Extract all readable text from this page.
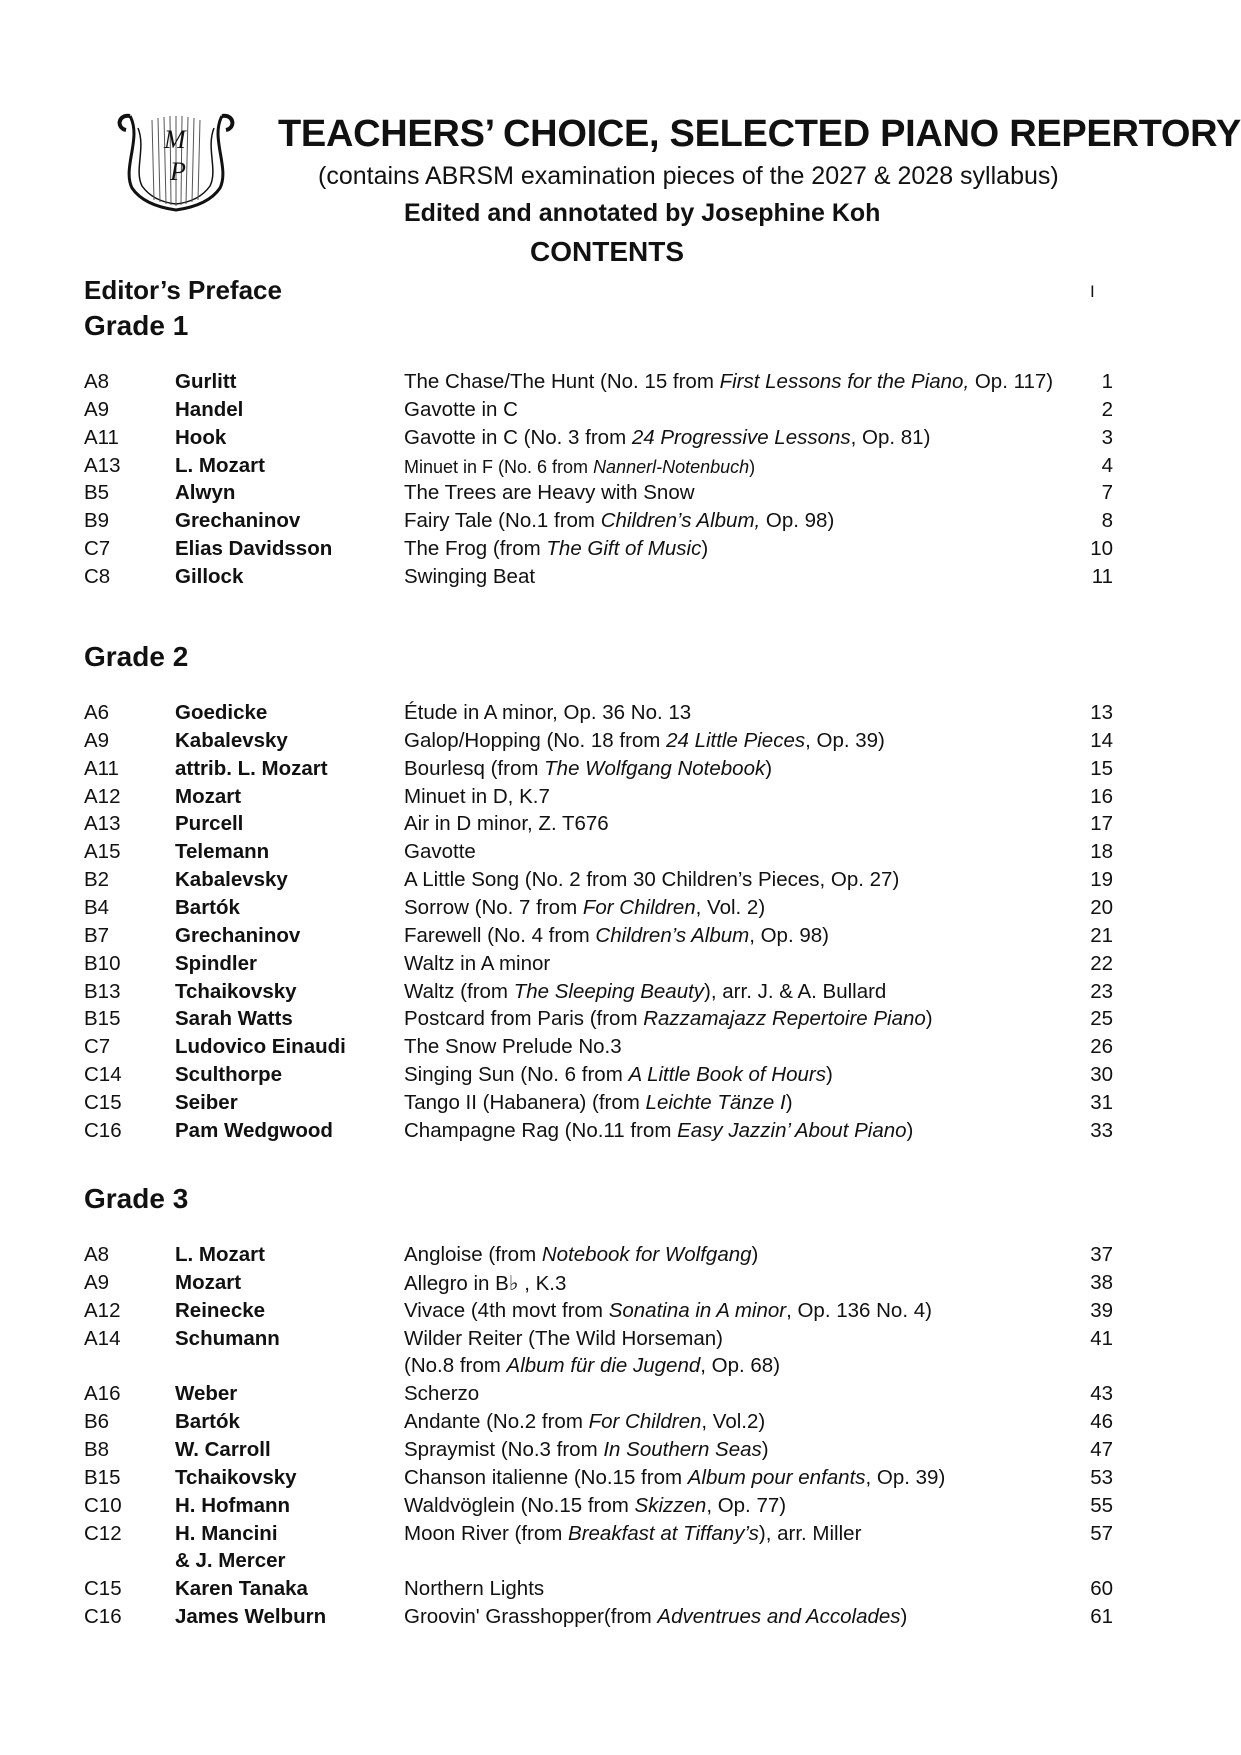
M
P
TEACHERS’ CHOICE, SELECTED PIANO REPERTORY
(contains ABRSM examination pieces of the 2027 & 2028 syllabus)
Edited and annotated by Josephine Koh
CONTENTS
Editor’s Preface	I
Grade 1
A8	Gurlitt	The Chase/The Hunt (No. 15 from First Lessons for the Piano, Op. 117) 1
A9	Handel	Gavotte in C	2
A11	Hook	Gavotte in C (No. 3 from 24 Progressive Lessons, Op. 81)	3
A13	L. Mozart	Minuet in F (No. 6 from Nannerl-Notenbuch)	4
B5	Alwyn	The Trees are Heavy with Snow	7
B9	Grechaninov	Fairy Tale (No.1 from Children’s Album, Op. 98)	8
C7	Elias Davidsson	The Frog (from The Gift of Music)	10
C8	Gillock	Swinging Beat	11
Grade 2
A6	Goedicke	Étude in A minor, Op. 36 No. 13	13
A9	Kabalevsky	Galop/Hopping (No. 18 from 24 Little Pieces, Op. 39)	14
A11	attrib. L. Mozart	Bourlesq (from The Wolfgang Notebook)	15
A12	Mozart	Minuet in D, K.7	16
A13	Purcell	Air in D minor, Z. T676	17
A15	Telemann	Gavotte	18
B2	Kabalevsky	A Little Song (No. 2 from 30 Children’s Pieces, Op. 27)	19
B4	Bartók	Sorrow (No. 7 from For Children, Vol. 2)	20
B7	Grechaninov	Farewell (No. 4 from Children’s Album, Op. 98)	21
B10	Spindler	Waltz in A minor	22
B13	Tchaikovsky	Waltz (from The Sleeping Beauty), arr. J. & A. Bullard	23
B15	Sarah Watts	Postcard from Paris (from Razzamajazz Repertoire Piano)	25
C7	Ludovico Einaudi	The Snow Prelude No.3	26
C14	Sculthorpe	Singing Sun (No. 6 from A Little Book of Hours)	30
C15	Seiber	Tango II (Habanera) (from Leichte Tänze I)	31
C16	Pam Wedgwood	Champagne Rag (No.11 from Easy Jazzin’ About Piano)	33
Grade 3
A8	L. Mozart	Angloise (from Notebook for Wolfgang)	37
A9	Mozart	Allegro in B♭ , K.3	38
A12	Reinecke	Vivace (4th movt from Sonatina in A minor, Op. 136 No. 4)	39
A14	Schumann	Wilder Reiter (The Wild Horseman)	41
(No.8 from Album für die Jugend, Op. 68)
A16	Weber	Scherzo	43
B6	Bartók	Andante (No.2 from For Children, Vol.2)	46
B8	W. Carroll	Spraymist (No.3 from In Southern Seas)	47
B15	Tchaikovsky	Chanson italienne (No.15 from Album pour enfants, Op. 39)	53
C10	H. Hofmann	Waldvöglein (No.15 from Skizzen, Op. 77)	55
C12	H. Mancini	Moon River (from Breakfast at Tiffany’s), arr. Miller	57
& J. Mercer
C15	Karen Tanaka	Northern Lights	60
C16	James Welburn	Groovin' Grasshopper(from Adventrues and Accolades)	61
